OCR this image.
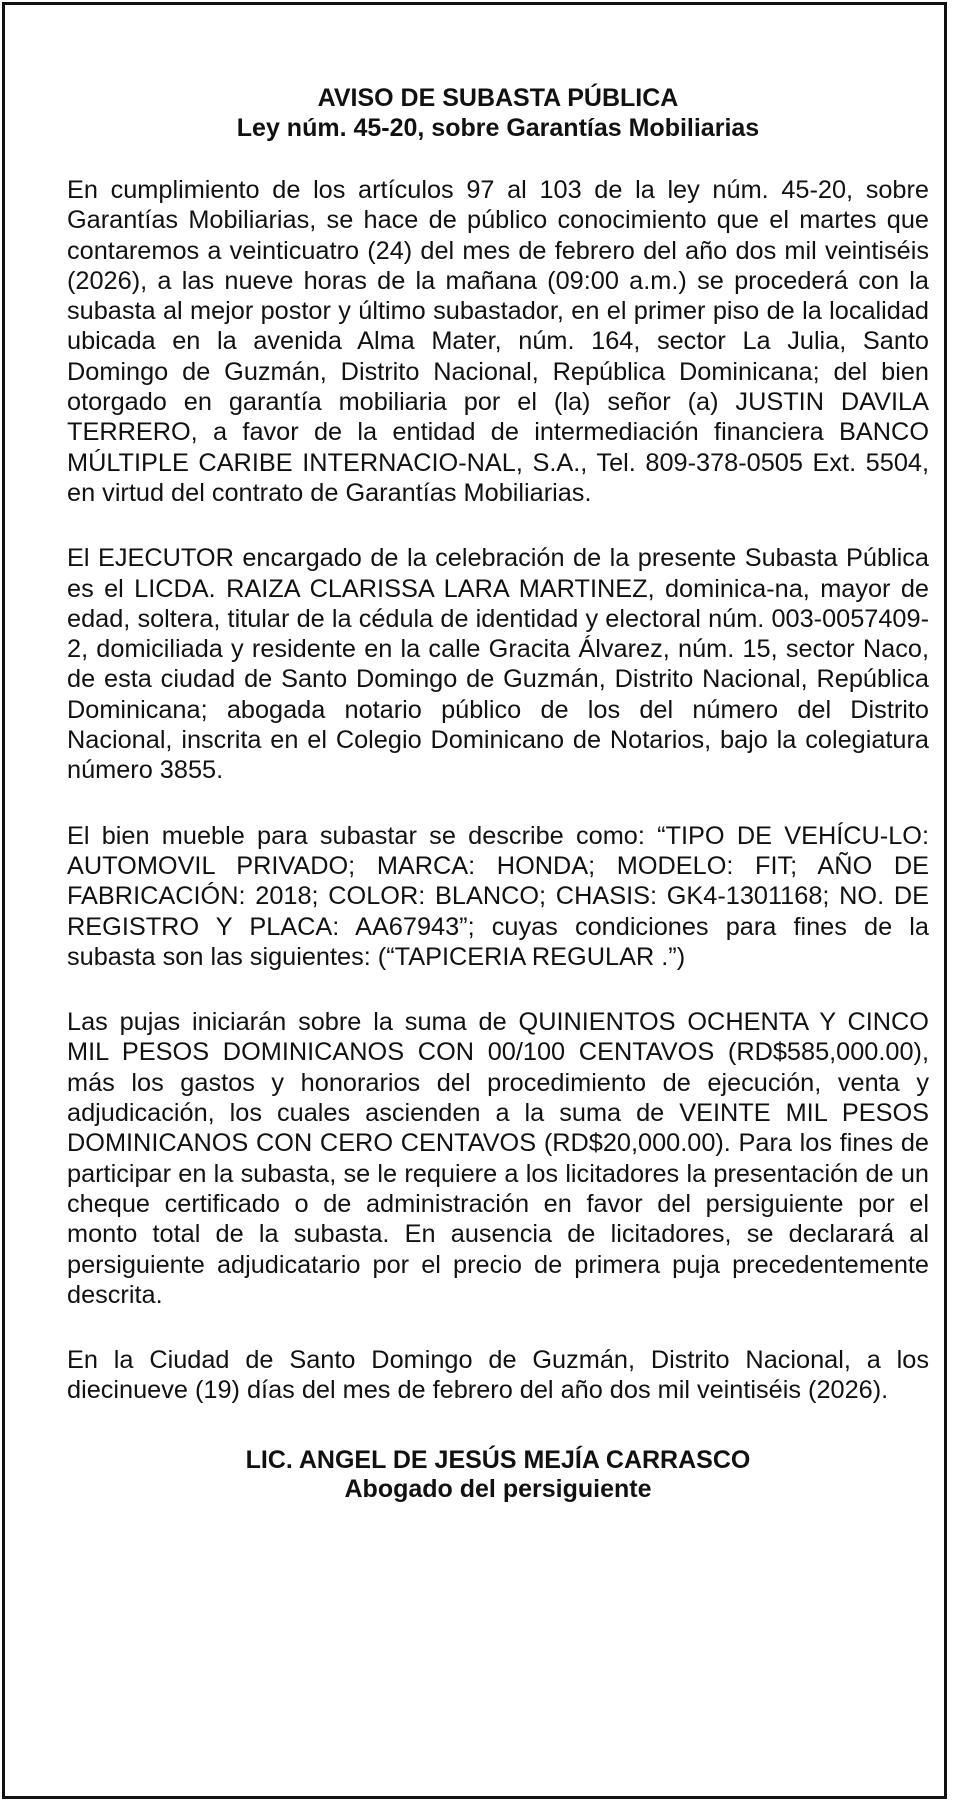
AVISO DE SUBASTA PÚBLICA
Ley núm. 45-20, sobre Garantías Mobiliarias

En cumplimiento de los artículos 97 al 103 de la ley núm. 45-20, sobre Garantías Mobiliarias, se hace de público conocimiento que el martes que contaremos a veinticuatro (24) del mes de febrero del año dos mil veintiséis (2026), a las nueve horas de la mañana (09:00 a.m.) se procederá con la subasta al mejor postor y último subastador, en el primer piso de la localidad ubicada en la avenida Alma Mater, núm. 164, sector La Julia, Santo Domingo de Guzmán, Distrito Nacional, República Dominicana; del bien otorgado en garantía mobiliaria por el (la) señor (a) JUSTIN DAVILA TERRERO, a favor de la entidad de intermediación financiera BANCO MÚLTIPLE CARIBE INTERNACIO-NAL, S.A., Tel. 809-378-0505 Ext. 5504, en virtud del contrato de Garantías Mobiliarias.

El EJECUTOR encargado de la celebración de la presente Subasta Pública es el LICDA. RAIZA CLARISSA LARA MARTINEZ, dominica-na, mayor de edad, soltera, titular de la cédula de identidad y electoral núm. 003-0057409-2, domiciliada y residente en la calle Gracita Álvarez, núm. 15, sector Naco, de esta ciudad de Santo Domingo de Guzmán, Distrito Nacional, República Dominicana; abogada notario público de los del número del Distrito Nacional, inscrita en el Colegio Dominicano de Notarios, bajo la colegiatura número 3855.

El bien mueble para subastar se describe como: “TIPO DE VEHÍCU-LO: AUTOMOVIL PRIVADO; MARCA: HONDA; MODELO: FIT; AÑO DE FABRICACIÓN: 2018; COLOR: BLANCO; CHASIS: GK4-1301168; NO. DE REGISTRO Y PLACA: AA67943”; cuyas condiciones para fines de la subasta son las siguientes: (“TAPICERIA REGULAR .”)

Las pujas iniciarán sobre la suma de QUINIENTOS OCHENTA Y CINCO MIL PESOS DOMINICANOS CON 00/100 CENTAVOS (RD$585,000.00), más los gastos y honorarios del procedimiento de ejecución, venta y adjudicación, los cuales ascienden a la suma de VEINTE MIL PESOS DOMINICANOS CON CERO CENTAVOS (RD$20,000.00). Para los fines de participar en la subasta, se le requiere a los licitadores la presentación de un cheque certificado o de administración en favor del persiguiente por el monto total de la subasta. En ausencia de licitadores, se declarará al persiguiente adjudicatario por el precio de primera puja precedentemente descrita.

En la Ciudad de Santo Domingo de Guzmán, Distrito Nacional, a los diecinueve (19) días del mes de febrero del año dos mil veintiséis (2026).

LIC. ANGEL DE JESÚS MEJÍA CARRASCO
Abogado del persiguiente
